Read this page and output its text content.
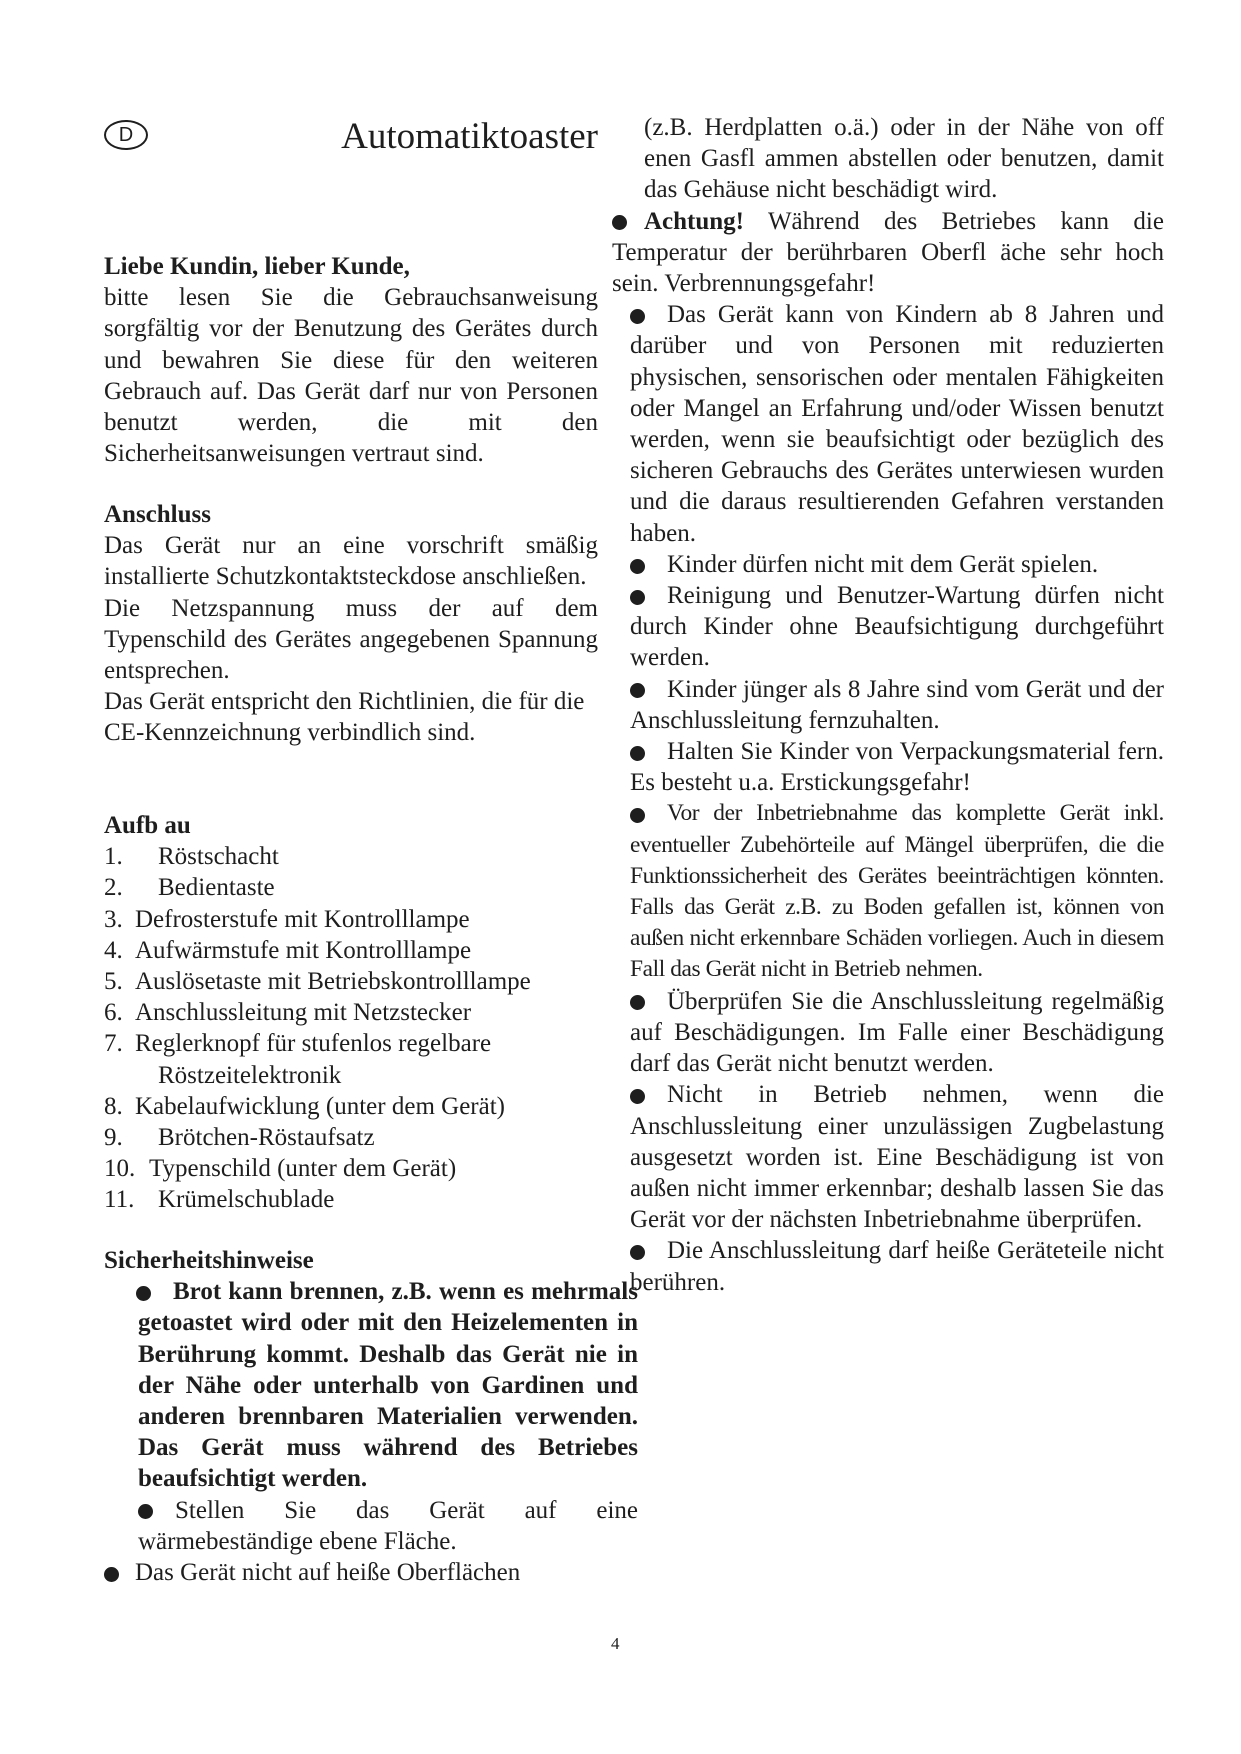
D	Automatiktoaster
Liebe Kundin, lieber Kunde,
bitte lesen Sie die Gebrauchsanweisung sorgfältig vor der Benutzung des Gerätes durch und bewahren Sie diese für den weiteren Gebrauch auf. Das Gerät darf nur von Personen benutzt werden, die mit den Sicherheitsanweisungen vertraut sind.
Anschluss
Das Gerät nur an eine vorschrift smäßig installierte Schutzkontaktsteckdose anschließen.
Die Netzspannung muss der auf dem Typenschild des Gerätes angegebenen Spannung entsprechen.
Das Gerät entspricht den Richtlinien, die für die CE-Kennzeichnung verbindlich sind.
Aufb au
1.	Röstschacht
2.	Bedientaste
3. Defrosterstufe mit Kontrolllampe
4. Aufwärmstufe mit Kontrolllampe
5. Auslösetaste mit Betriebskontrolllampe
6. Anschlussleitung mit Netzstecker
7. Reglerknopf für stufenlos regelbare
Röstzeitelektronik
8. Kabelaufwicklung (unter dem Gerät)
9.	Brötchen-Röstaufsatz
10. Typenschild (unter dem Gerät)
11. Krümelschublade
Sicherheitshinweise
Brot kann brennen, z.B. wenn es mehrmals getoastet wird oder mit den Heizelementen in Berührung kommt. Deshalb das Gerät nie in der Nähe oder unterhalb von Gardinen und anderen brennbaren Materialien verwenden. Das Gerät muss während des Betriebes beaufsichtigt werden.
Stellen Sie das Gerät auf eine wärmebeständige ebene Fläche.
Das Gerät nicht auf heiße Oberflächen
(z.B. Herdplatten o.ä.) oder in der Nähe von off enen Gasfl ammen abstellen oder benutzen, damit das Gehäuse nicht beschädigt wird.
Achtung! Während des Betriebes kann die Temperatur der berührbaren Oberfl äche sehr hoch sein. Verbrennungsgefahr!
Das Gerät kann von Kindern ab 8 Jahren und darüber und von Personen mit reduzierten physischen, sensorischen oder mentalen Fähigkeiten oder Mangel an Erfahrung und/oder Wissen benutzt werden, wenn sie beaufsichtigt oder bezüglich des sicheren Gebrauchs des Gerätes unterwiesen wurden und die daraus resultierenden Gefahren verstanden haben.
Kinder dürfen nicht mit dem Gerät spielen.
Reinigung und Benutzer-Wartung dürfen nicht durch Kinder ohne Beaufsichtigung durchgeführt werden.
Kinder jünger als 8 Jahre sind vom Gerät und der Anschlussleitung fernzuhalten.
Halten Sie Kinder von Verpackungsmaterial fern. Es besteht u.a. Erstickungsgefahr!
Vor der Inbetriebnahme das komplette Gerät inkl. eventueller Zubehörteile auf Mängel überprüfen, die die Funktionssicherheit des Gerätes beeinträchtigen könnten. Falls das Gerät z.B. zu Boden gefallen ist, können von außen nicht erkennbare Schäden vorliegen. Auch in diesem Fall das Gerät nicht in Betrieb nehmen.
Überprüfen Sie die Anschlussleitung regelmäßig auf Beschädigungen. Im Falle einer Beschädigung darf das Gerät nicht benutzt werden.
Nicht in Betrieb nehmen, wenn die Anschlussleitung einer unzulässigen Zugbelastung ausgesetzt worden ist. Eine Beschädigung ist von außen nicht immer erkennbar; deshalb lassen Sie das Gerät vor der nächsten Inbetriebnahme überprüfen.
Die Anschlussleitung darf heiße Geräteteile nicht berühren.
4
